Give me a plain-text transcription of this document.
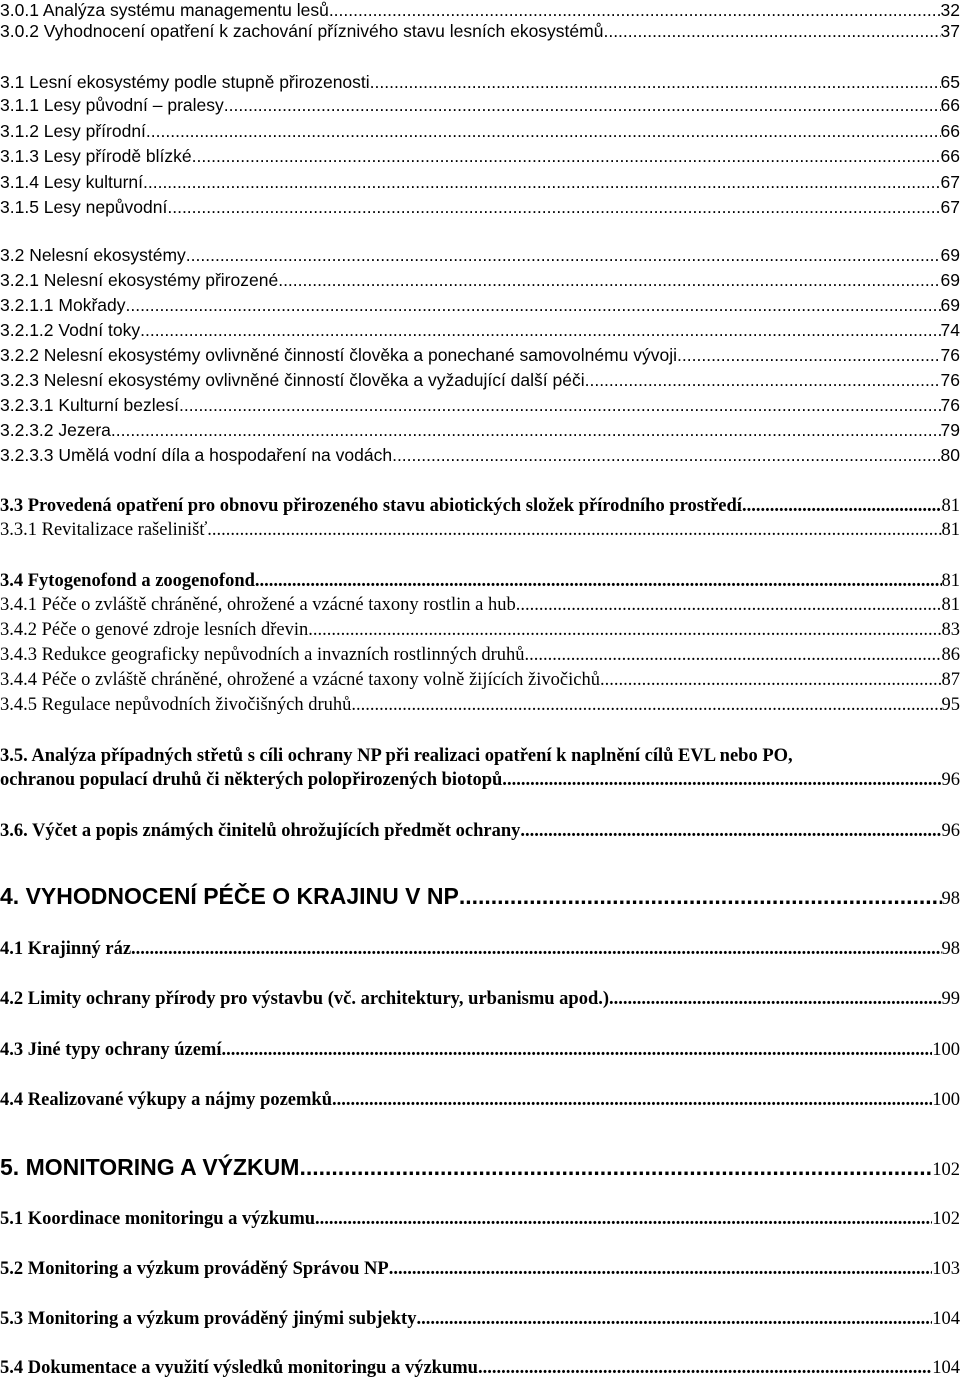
3.0.1 Analýza systému managementu lesů .....	32
3.0.2 Vyhodnocení opatření k zachování příznivého stavu lesních ekosystémů .....	37
3.1 Lesní ekosystémy podle stupně přirozenosti .....	65
3.1.1 Lesy původní – pralesy .....	66
3.1.2 Lesy přírodní .....	66
3.1.3 Lesy přírodě blízké .....	66
3.1.4 Lesy kulturní .....	67
3.1.5 Lesy nepůvodní .....	67
3.2 Nelesní ekosystémy .....	69
3.2.1 Nelesní ekosystémy přirozené .....	69
3.2.1.1 Mokřady .....	69
3.2.1.2 Vodní toky .....	74
3.2.2 Nelesní ekosystémy ovlivněné činností člověka a ponechané samovolnému vývoji .....	76
3.2.3 Nelesní ekosystémy ovlivněné činností člověka a vyžadující další péči .....	76
3.2.3.1 Kulturní bezlesí .....	76
3.2.3.2 Jezera .....	79
3.2.3.3 Umělá vodní díla a hospodaření na vodách .....	80
3.3 Provedená opatření pro obnovu přirozeného stavu abiotických složek přírodního prostředí .....	81
3.3.1 Revitalizace rašelinišť .....	81
3.4 Fytogenofond a zoogenofond .....	81
3.4.1 Péče o zvláště chráněné, ohrožené a vzácné taxony rostlin a hub .....	81
3.4.2 Péče o genové zdroje lesních dřevin .....	83
3.4.3 Redukce geograficky nepůvodních a invazních rostlinných druhů .....	86
3.4.4 Péče o zvláště chráněné, ohrožené a vzácné taxony volně žijících živočichů .....	87
3.4.5 Regulace nepůvodních živočišných druhů .....	95
3.5. Analýza případných střetů s cíli ochrany NP při realizaci opatření k naplnění cílů EVL nebo PO,
ochranou populací druhů či některých polopřirozených biotopů. .....	96
3.6. Výčet a popis známých činitelů ohrožujících předmět ochrany .....	96
4. VYHODNOCENÍ PÉČE O KRAJINU V NP .....	98
4.1 Krajinný ráz .....	98
4.2 Limity ochrany přírody pro výstavbu (vč. architektury, urbanismu apod.) .....	99
4.3 Jiné typy ochrany území .....	100
4.4 Realizované výkupy a nájmy pozemků .....	100
5. MONITORING A VÝZKUM .....	102
5.1 Koordinace monitoringu a výzkumu .....	102
5.2 Monitoring a výzkum prováděný Správou NP .....	103
5.3 Monitoring a výzkum prováděný jinými subjekty .....	104
5.4 Dokumentace a využití výsledků monitoringu a výzkumu .....	104
